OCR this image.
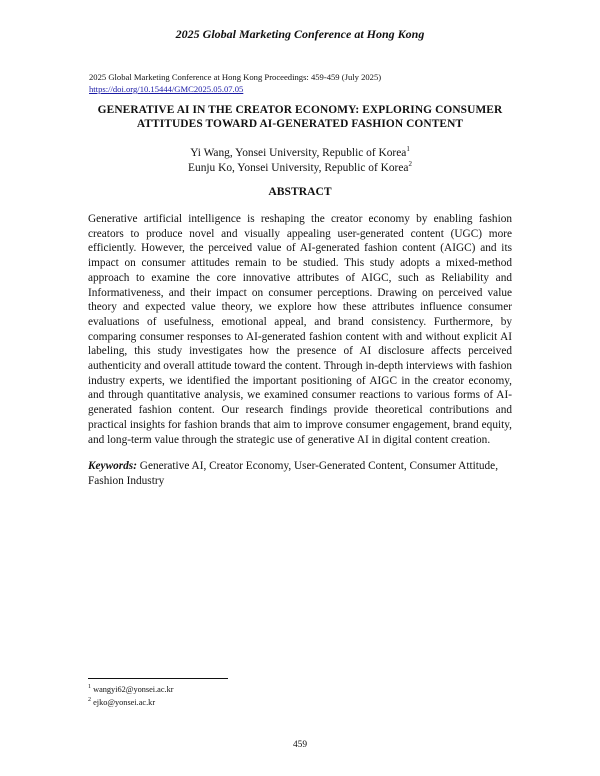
2025 Global Marketing Conference at Hong Kong
2025 Global Marketing Conference at Hong Kong Proceedings: 459-459 (July 2025)
https://doi.org/10.15444/GMC2025.05.07.05
GENERATIVE AI IN THE CREATOR ECONOMY: EXPLORING CONSUMER
ATTITUDES TOWARD AI-GENERATED FASHION CONTENT
Yi Wang, Yonsei University, Republic of Korea$^1$
Eunju Ko, Yonsei University, Republic of Korea$^2$
ABSTRACT
Generative artificial intelligence is reshaping the creator economy by enabling fashion creators to produce novel and visually appealing user-generated content (UGC) more efficiently. However, the perceived value of AI-generated fashion content (AIGC) and its impact on consumer attitudes remain to be studied. This study adopts a mixed-method approach to examine the core innovative attributes of AIGC, such as Reliability and Informativeness, and their impact on consumer perceptions. Drawing on perceived value theory and expected value theory, we explore how these attributes influence consumer evaluations of usefulness, emotional appeal, and brand consistency. Furthermore, by comparing consumer responses to AI-generated fashion content with and without explicit AI labeling, this study investigates how the presence of AI disclosure affects perceived authenticity and overall attitude toward the content. Through in-depth interviews with fashion industry experts, we identified the important positioning of AIGC in the creator economy, and through quantitative analysis, we examined consumer reactions to various forms of AI-generated fashion content. Our research findings provide theoretical contributions and practical insights for fashion brands that aim to improve consumer engagement, brand equity, and long-term value through the strategic use of generative AI in digital content creation.
Keywords: Generative AI, Creator Economy, User-Generated Content, Consumer Attitude, Fashion Industry
$^1$ wangyi62@yonsei.ac.kr
$^2$ ejko@yonsei.ac.kr
459
